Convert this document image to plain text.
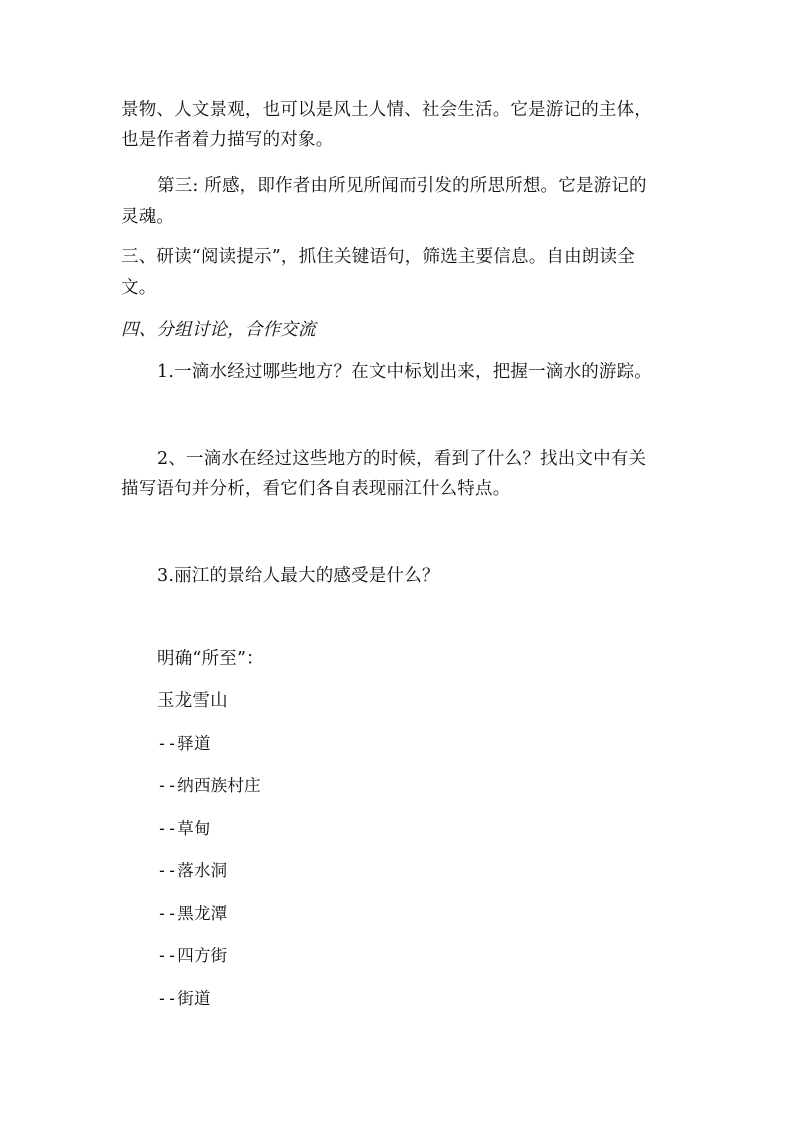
景物、人文景观，也可以是风土人情、社会生活。它是游记的主体，
也是作者着力描写的对象。
第三: 所感，即作者由所见所闻而引发的所思所想。它是游记的
灵魂。
三、研读“阅读提示”，抓住关键语句，筛选主要信息。自由朗读全
文。
四、分组讨论，合作交流
1.一滴水经过哪些地方？在文中标划出来，把握一滴水的游踪。
2、一滴水在经过这些地方的时候，看到了什么？找出文中有关
描写语句并分析，看它们各自表现丽江什么特点。
3.丽江的景给人最大的感受是什么？
明确“所至”：
玉龙雪山
--驿道
--纳西族村庄
--草甸
--落水洞
--黑龙潭
--四方街
--街道
